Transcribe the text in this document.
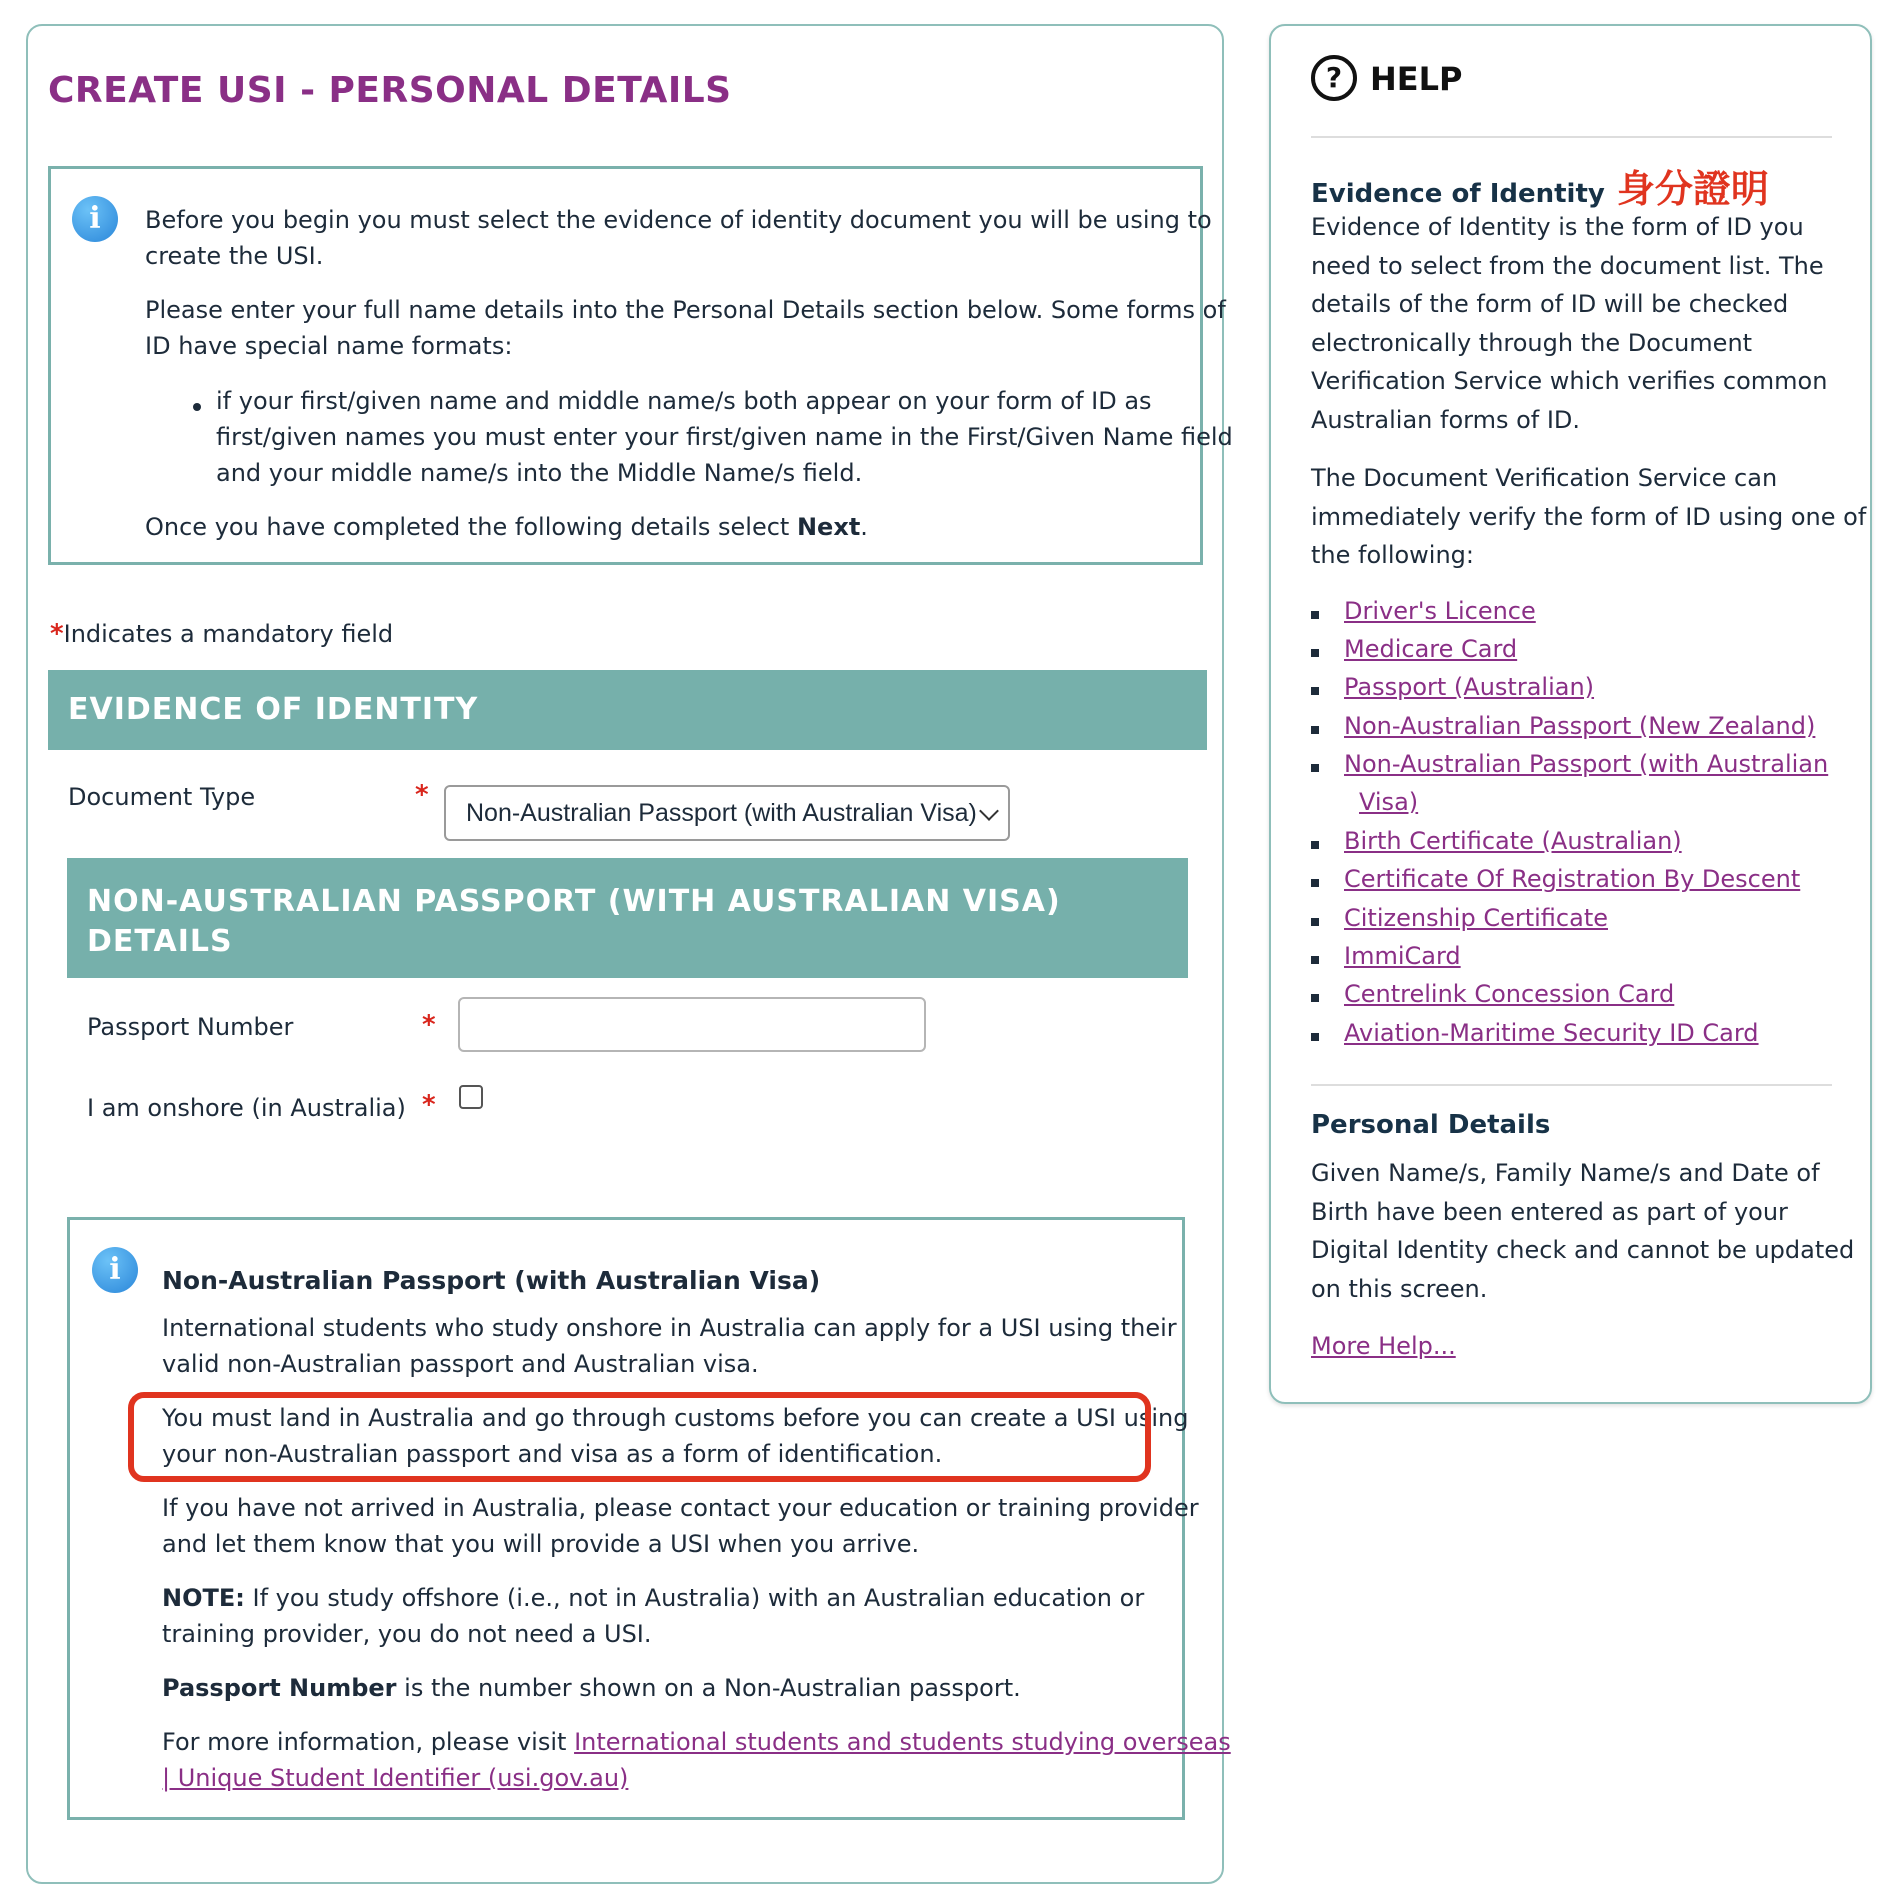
CREATE USI - PERSONAL DETAILS
i	Before you begin you must select the evidence of identity document you will be using to

create the USI.

Please enter your full name details into the Personal Details section below. Some forms of

ID have special name formats:

if your first/given name and middle name/s both appear on your form of ID as

first/given names you must enter your first/given name in the First/Given Name field

and your middle name/s into the Middle Name/s field.

Once you have completed the following details select Next.

*Indicates a mandatory field
EVIDENCE OF IDENTITY
Document Type	*
Non-Australian Passport (with Australian Visa)
NON-AUSTRALIAN PASSPORT (WITH AUSTRALIAN VISA)
DETAILS
Passport Number	*
I am onshore (in Australia) *
i	Non-Australian Passport (with Australian Visa)

International students who study onshore in Australia can apply for a USI using their

valid non-Australian passport and Australian visa.

You must land in Australia and go through customs before you can create a USI using

your non-Australian passport and visa as a form of identification.

If you have not arrived in Australia, please contact your education or training provider

and let them know that you will provide a USI when you arrive.

NOTE: If you study offshore (i.e., not in Australia) with an Australian education or

training provider, you do not need a USI.

Passport Number is the number shown on a Non-Australian passport.

For more information, please visit International students and students studying overseas

| Unique Student Identifier (usi.gov.au)

? HELP
Evidence of Identity 身分證明
Evidence of Identity is the form of ID you
need to select from the document list. The
details of the form of ID will be checked
electronically through the Document
Verification Service which verifies common
Australian forms of ID.
The Document Verification Service can
immediately verify the form of ID using one of
the following:
Driver's Licence
Medicare Card
Passport (Australian)
Non-Australian Passport (New Zealand)
Non-Australian Passport (with Australian
Visa)
Birth Certificate (Australian)
Certificate Of Registration By Descent
Citizenship Certificate
ImmiCard
Centrelink Concession Card
Aviation-Maritime Security ID Card
Personal Details
Given Name/s, Family Name/s and Date of
Birth have been entered as part of your
Digital Identity check and cannot be updated
on this screen.
More Help...
